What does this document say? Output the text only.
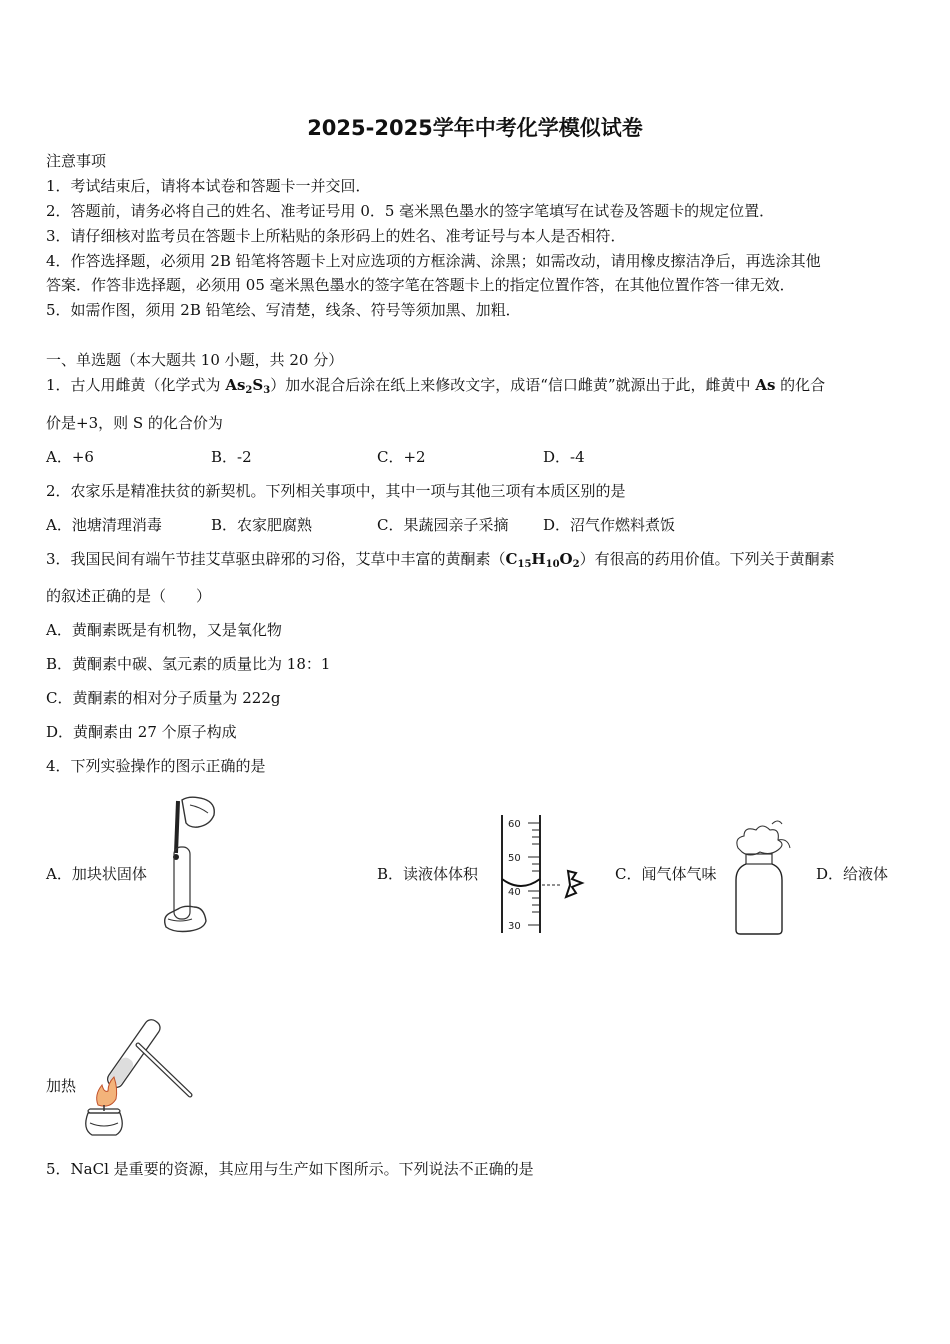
2025-2025学年中考化学模似试卷
注意事项
1．考试结束后，请将本试卷和答题卡一并交回．
2．答题前，请务必将自己的姓名、准考证号用 0．5 毫米黑色墨水的签字笔填写在试卷及答题卡的规定位置．
3．请仔细核对监考员在答题卡上所粘贴的条形码上的姓名、准考证号与本人是否相符．
4．作答选择题，必须用 2B 铅笔将答题卡上对应选项的方框涂满、涂黑；如需改动，请用橡皮擦洁净后，再选涂其他
答案．作答非选择题，必须用 05 毫米黑色墨水的签字笔在答题卡上的指定位置作答，在其他位置作答一律无效．
5．如需作图，须用 2B 铅笔绘、写清楚，线条、符号等须加黑、加粗．
一、单选题（本大题共 10 小题，共 20 分）
1．古人用雌黄（化学式为 $As_2S_3$）加水混合后涂在纸上来修改文字，成语“信口雌黄”就源出于此，雌黄中 As 的化合
价是+3，则 S 的化合价为
A．+6	B．-2	C．+2	D．-4
2．农家乐是精准扶贫的新契机。下列相关事项中，其中一项与其他三项有本质区别的是
A．池塘清理消毒	B．农家肥腐熟	C．果蔬园亲子采摘 D．沼气作燃料煮饭
3．我国民间有端午节挂艾草驱虫辟邪的习俗，艾草中丰富的黄酮素$(C_{15}H_{10}O_2)$有很高的药用价值。下列关于黄酮素
的叙述正确的是（　　）
A．黄酮素既是有机物，又是氧化物
B．黄酮素中碳、氢元素的质量比为 18：1
C．黄酮素的相对分子质量为 222g
D．黄酮素由 27 个原子构成
4．下列实验操作的图示正确的是
A．加块状固体
60
50
40
30
B．读液体体积	C．闻气体气味	D．给液体
加热
5．NaCl 是重要的资源，其应用与生产如下图所示。下列说法不正确的是
